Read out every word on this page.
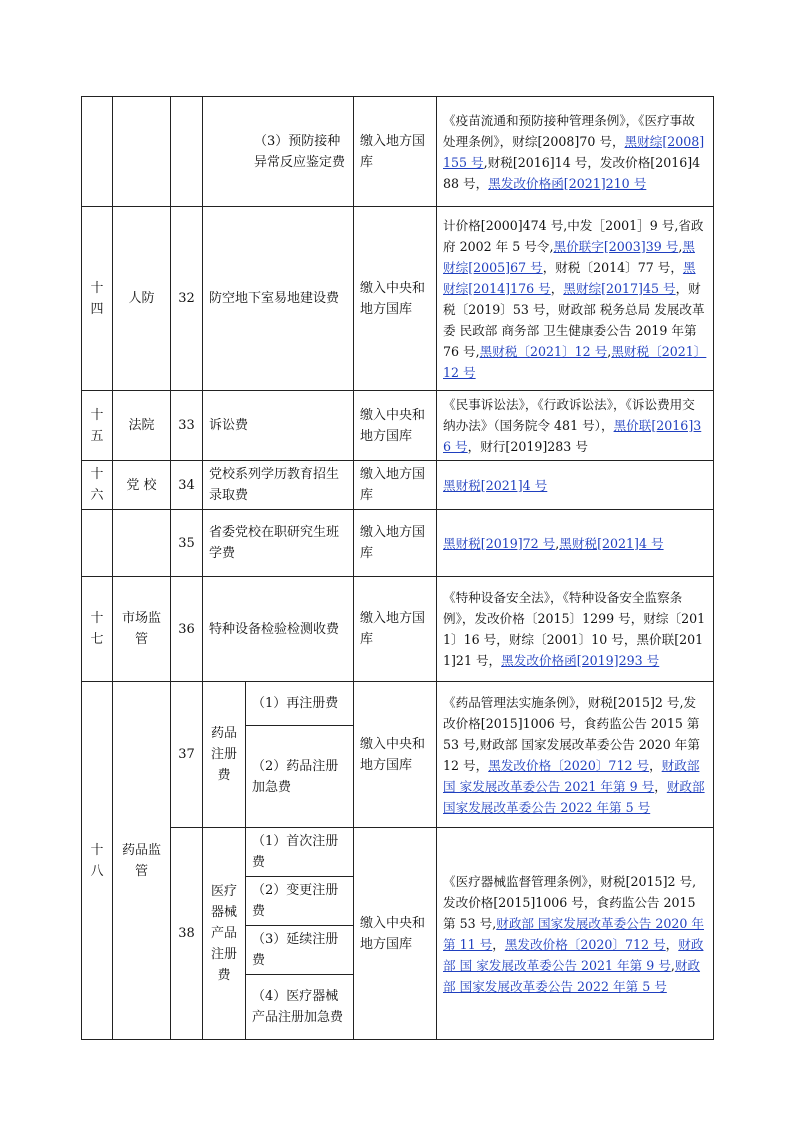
			（3）预防接种异常反应鉴定费		缴入地方国库	《疫苗流通和预防接种管理条例》，《医疗事故处理条例》，财综[2008]70 号，黑财综[2008]155 号,财税[2016]14 号，发改价格[2016]488 号，黑发改价格函[2021]210 号
十四	人防	32	防空地下室易地建设费		缴入中央和地方国库	计价格[2000]474 号,中发［2001］9 号,省政府 2002 年 5 号令,黑价联字[2003]39 号,黑财综[2005]67 号，财税〔2014〕77 号，黑财综[2014]176 号，黑财综[2017]45 号，财税〔2019〕53 号，财政部 税务总局 发展改革委 民政部 商务部 卫生健康委公告 2019 年第 76 号,黑财税〔2021〕12 号,黑财税〔2021〕12 号
十五	法院	33	诉讼费		缴入中央和地方国库	《民事诉讼法》，《行政诉讼法》，《诉讼费用交纳办法》（国务院令 481 号），黑价联[2016]36 号，财行[2019]283 号
十六	党 校	34	党校系列学历教育招生录取费		缴入地方国库	黑财税[2021]4 号
		35	省委党校在职研究生班学费		缴入地方国库	黑财税[2019]72 号,黑财税[2021]4 号
十七	市场监管	36	特种设备检验检测收费		缴入地方国库	《特种设备安全法》，《特种设备安全监察条例》，发改价格〔2015〕1299 号，财综〔2011〕16 号，财综〔2001〕10 号，黑价联[2011]21 号，黑发改价格函[2019]293 号
十八	药品监管	37	药品注册费	（1）再注册费	缴入中央和地方国库	《药品管理法实施条例》，财税[2015]2 号,发改价格[2015]1006 号，食药监公告 2015 第 53 号,财政部 国家发展改革委公告 2020 年第 12 号，黑发改价格〔2020〕712 号，财政部 国 家发展改革委公告 2021 年第 9 号，财政部 国家发展改革委公告 2022 年第 5 号
				（2）药品注册加急费		
		38	医疗器械产品注册费	（1）首次注册费	缴入中央和地方国库	《医疗器械监督管理条例》，财税[2015]2 号,发改价格[2015]1006 号，食药监公告 2015 第 53 号,财政部 国家发展改革委公告 2020 年第 11 号，黑发改价格〔2020〕712 号，财政部 国 家发展改革委公告 2021 年第 9 号,财政部 国家发展改革委公告 2022 年第 5 号
				（2）变更注册费		
				（3）延续注册费		
				（4）医疗器械产品注册加急费		
